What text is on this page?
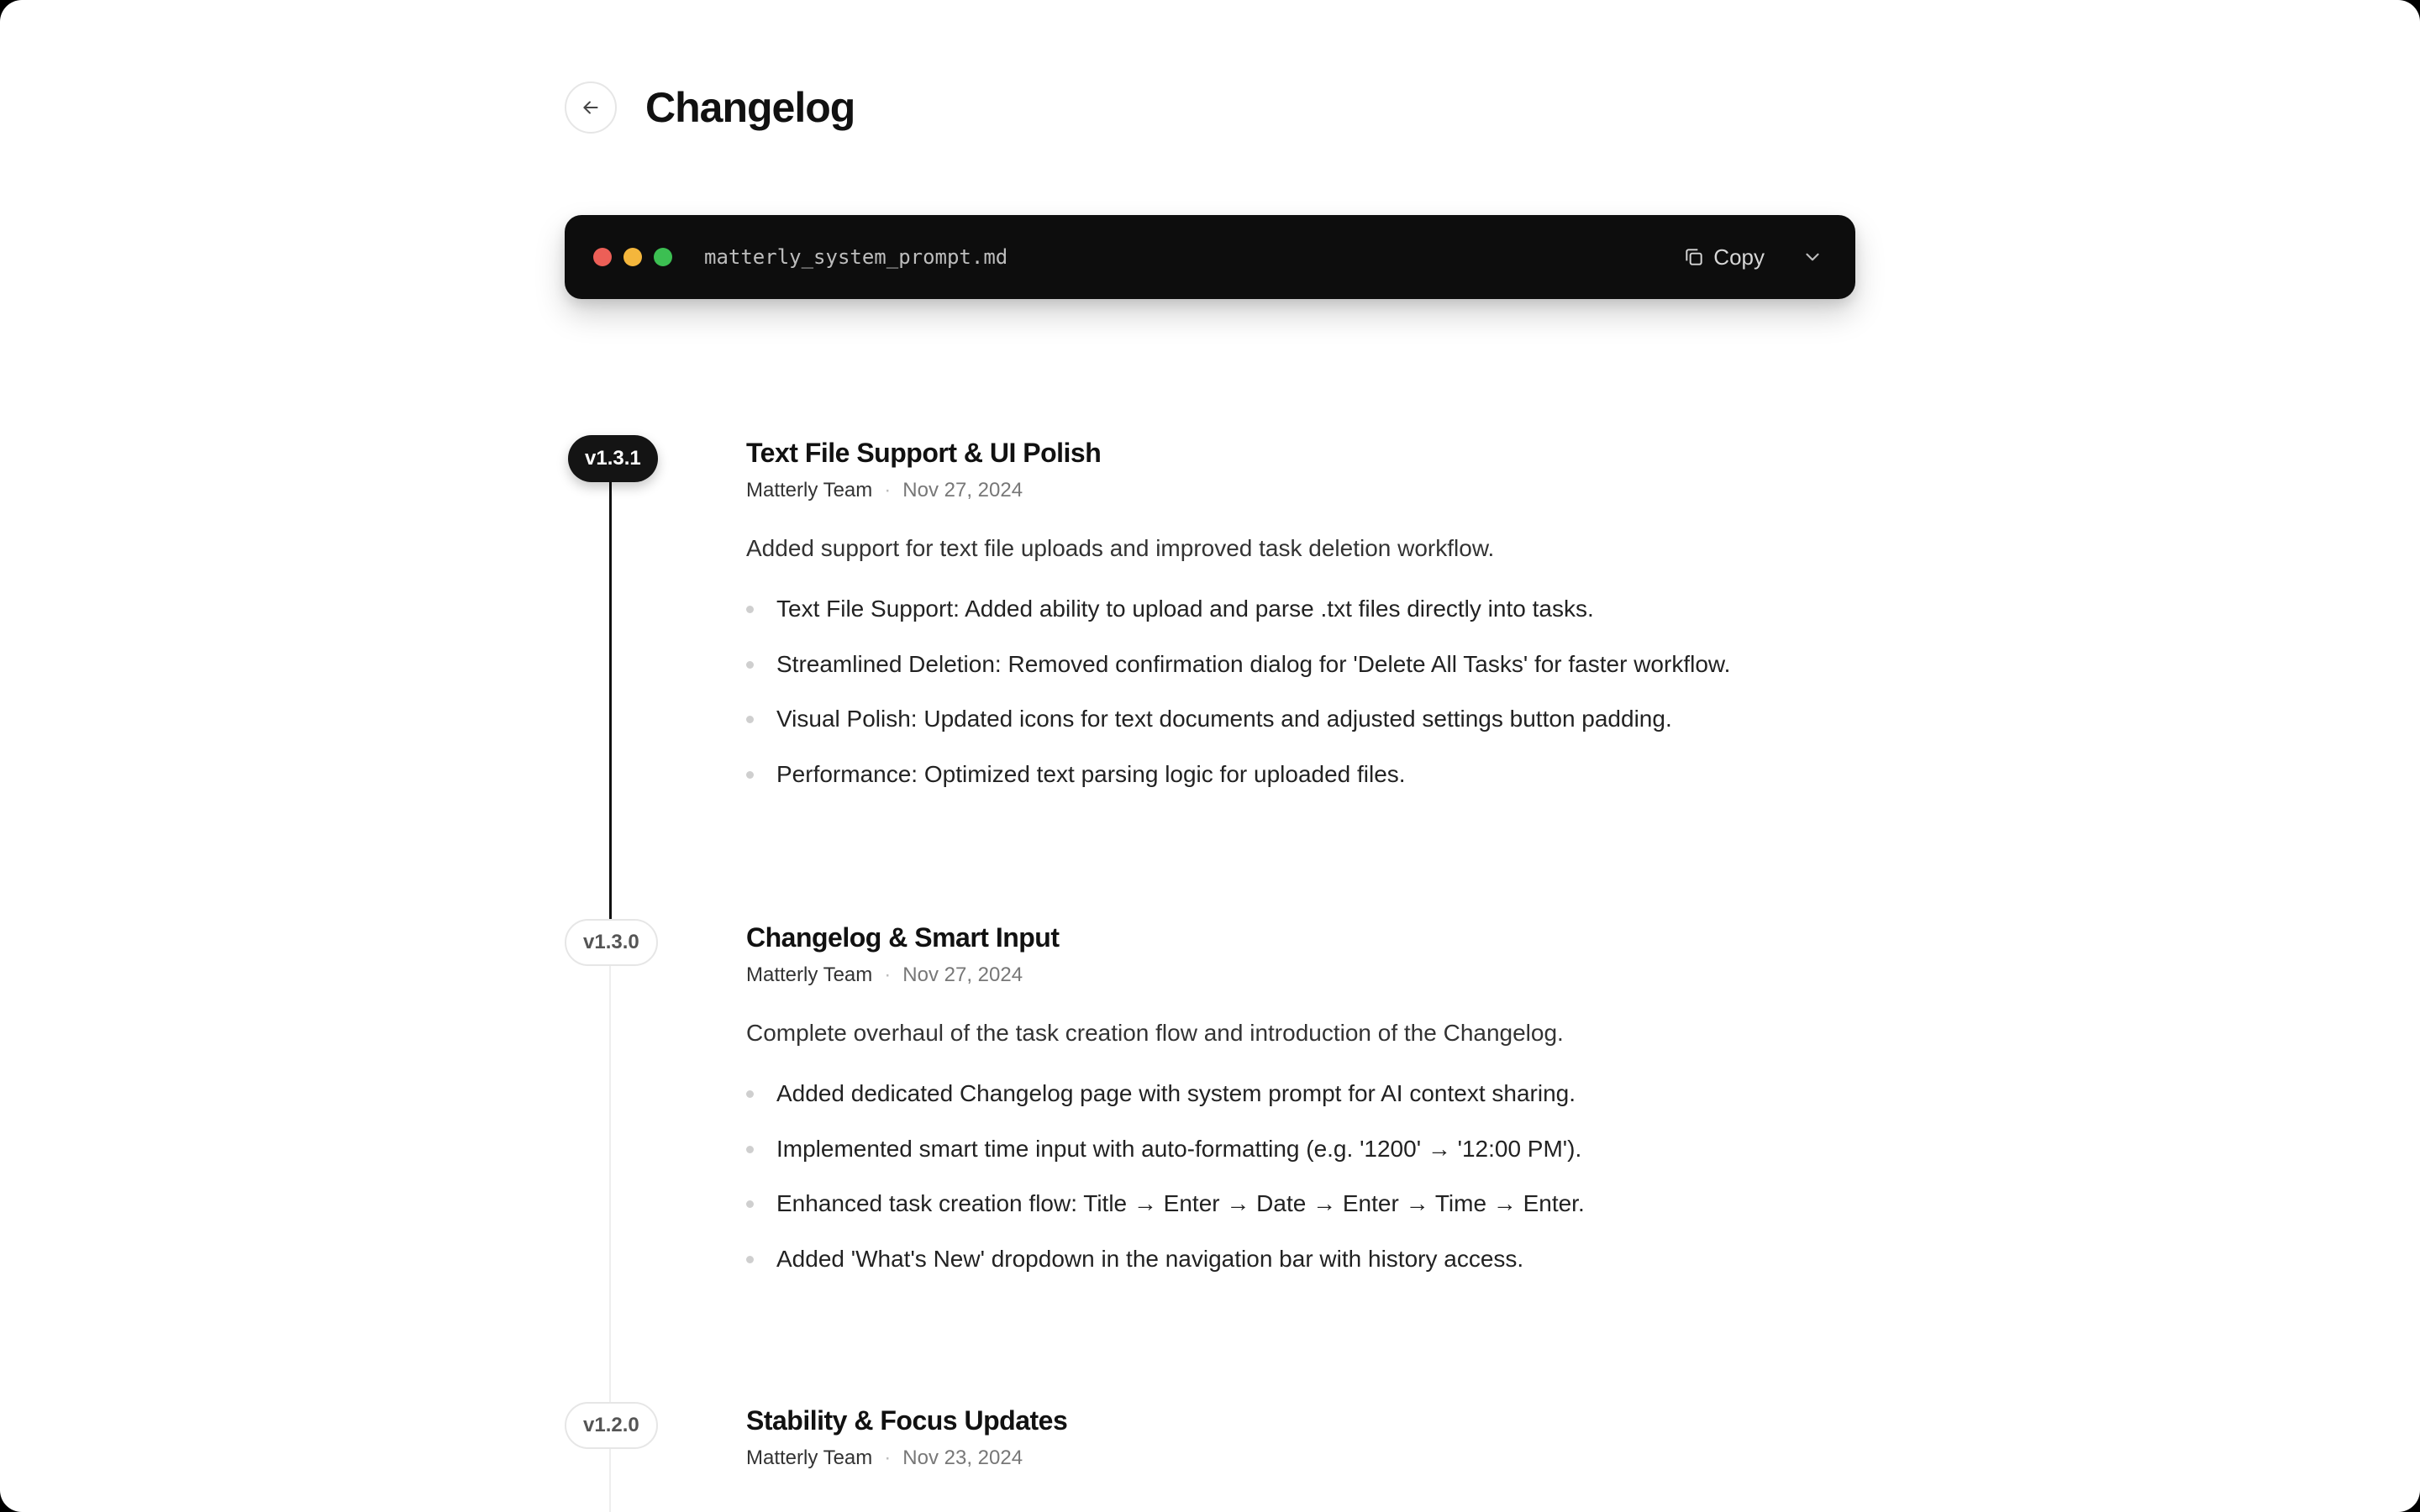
Changelog
matterly_system_prompt.md	Copy
v1.3.1	Text File Support & UI Polish
Matterly Team · Nov 27, 2024
Added support for text file uploads and improved task deletion workflow.
Text File Support: Added ability to upload and parse .txt files directly into tasks.
Streamlined Deletion: Removed confirmation dialog for 'Delete All Tasks' for faster workflow.
Visual Polish: Updated icons for text documents and adjusted settings button padding.
Performance: Optimized text parsing logic for uploaded files.
v1.3.0	Changelog & Smart Input
Matterly Team · Nov 27, 2024
Complete overhaul of the task creation flow and introduction of the Changelog.
Added dedicated Changelog page with system prompt for AI context sharing.
Implemented smart time input with auto-formatting (e.g. '1200' → '12:00 PM').
Enhanced task creation flow: Title → Enter → Date → Enter → Time → Enter.
Added 'What's New' dropdown in the navigation bar with history access.
v1.2.0	Stability & Focus Updates
Matterly Team · Nov 23, 2024
